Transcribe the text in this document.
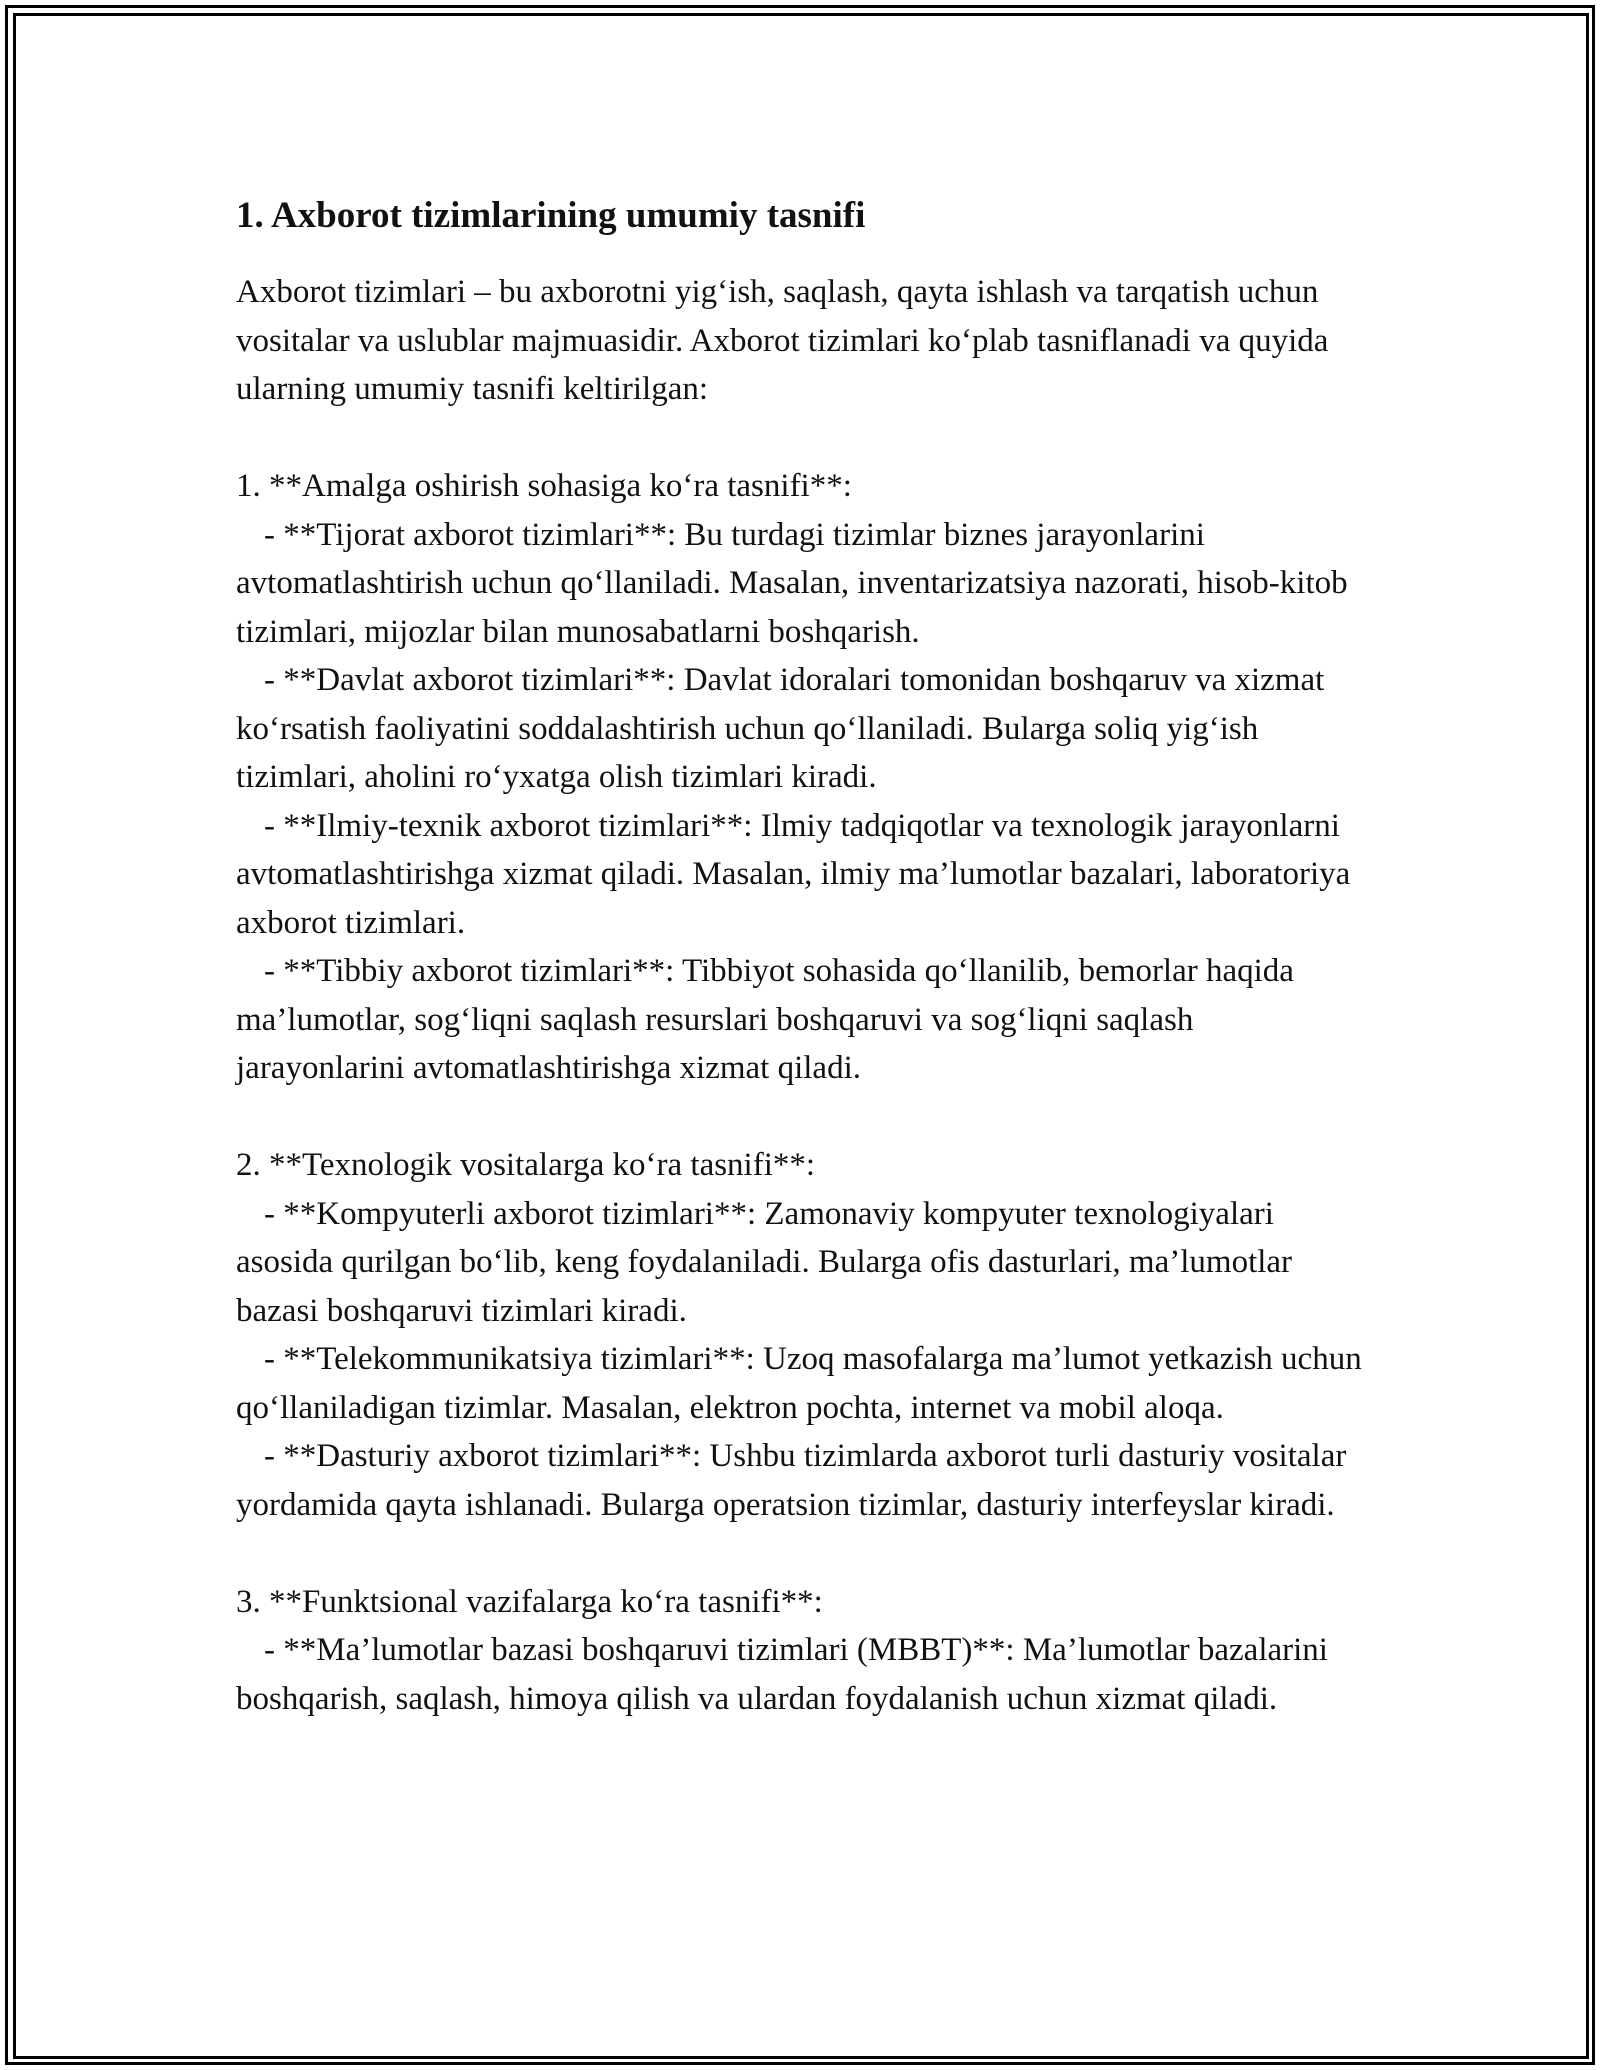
1. Axborot tizimlarining umumiy tasnifi

Axborot tizimlari – bu axborotni yig‘ish, saqlash, qayta ishlash va tarqatish uchun vositalar va uslublar majmuasidir. Axborot tizimlari ko‘plab tasniflanadi va quyida ularning umumiy tasnifi keltirilgan:

1. **Amalga oshirish sohasiga ko‘ra tasnifi**:

- **Tijorat axborot tizimlari**: Bu turdagi tizimlar biznes jarayonlarini avtomatlashtirish uchun qo‘llaniladi. Masalan, inventarizatsiya nazorati, hisob-kitob tizimlari, mijozlar bilan munosabatlarni boshqarish.

- **Davlat axborot tizimlari**: Davlat idoralari tomonidan boshqaruv va xizmat ko‘rsatish faoliyatini soddalashtirish uchun qo‘llaniladi. Bularga soliq yig‘ish tizimlari, aholini ro‘yxatga olish tizimlari kiradi.

- **Ilmiy-texnik axborot tizimlari**: Ilmiy tadqiqotlar va texnologik jarayonlarni avtomatlashtirishga xizmat qiladi. Masalan, ilmiy ma’lumotlar bazalari, laboratoriya axborot tizimlari.

- **Tibbiy axborot tizimlari**: Tibbiyot sohasida qo‘llanilib, bemorlar haqida ma’lumotlar, sog‘liqni saqlash resurslari boshqaruvi va sog‘liqni saqlash jarayonlarini avtomatlashtirishga xizmat qiladi.

2. **Texnologik vositalarga ko‘ra tasnifi**:

- **Kompyuterli axborot tizimlari**: Zamonaviy kompyuter texnologiyalari asosida qurilgan bo‘lib, keng foydalaniladi. Bularga ofis dasturlari, ma’lumotlar bazasi boshqaruvi tizimlari kiradi.

- **Telekommunikatsiya tizimlari**: Uzoq masofalarga ma’lumot yetkazish uchun qo‘llaniladigan tizimlar. Masalan, elektron pochta, internet va mobil aloqa.

- **Dasturiy axborot tizimlari**: Ushbu tizimlarda axborot turli dasturiy vositalar yordamida qayta ishlanadi. Bularga operatsion tizimlar, dasturiy interfeyslar kiradi.

3. **Funktsional vazifalarga ko‘ra tasnifi**:

- **Ma’lumotlar bazasi boshqaruvi tizimlari (MBBT)**: Ma’lumotlar bazalarini boshqarish, saqlash, himoya qilish va ulardan foydalanish uchun xizmat qiladi.
